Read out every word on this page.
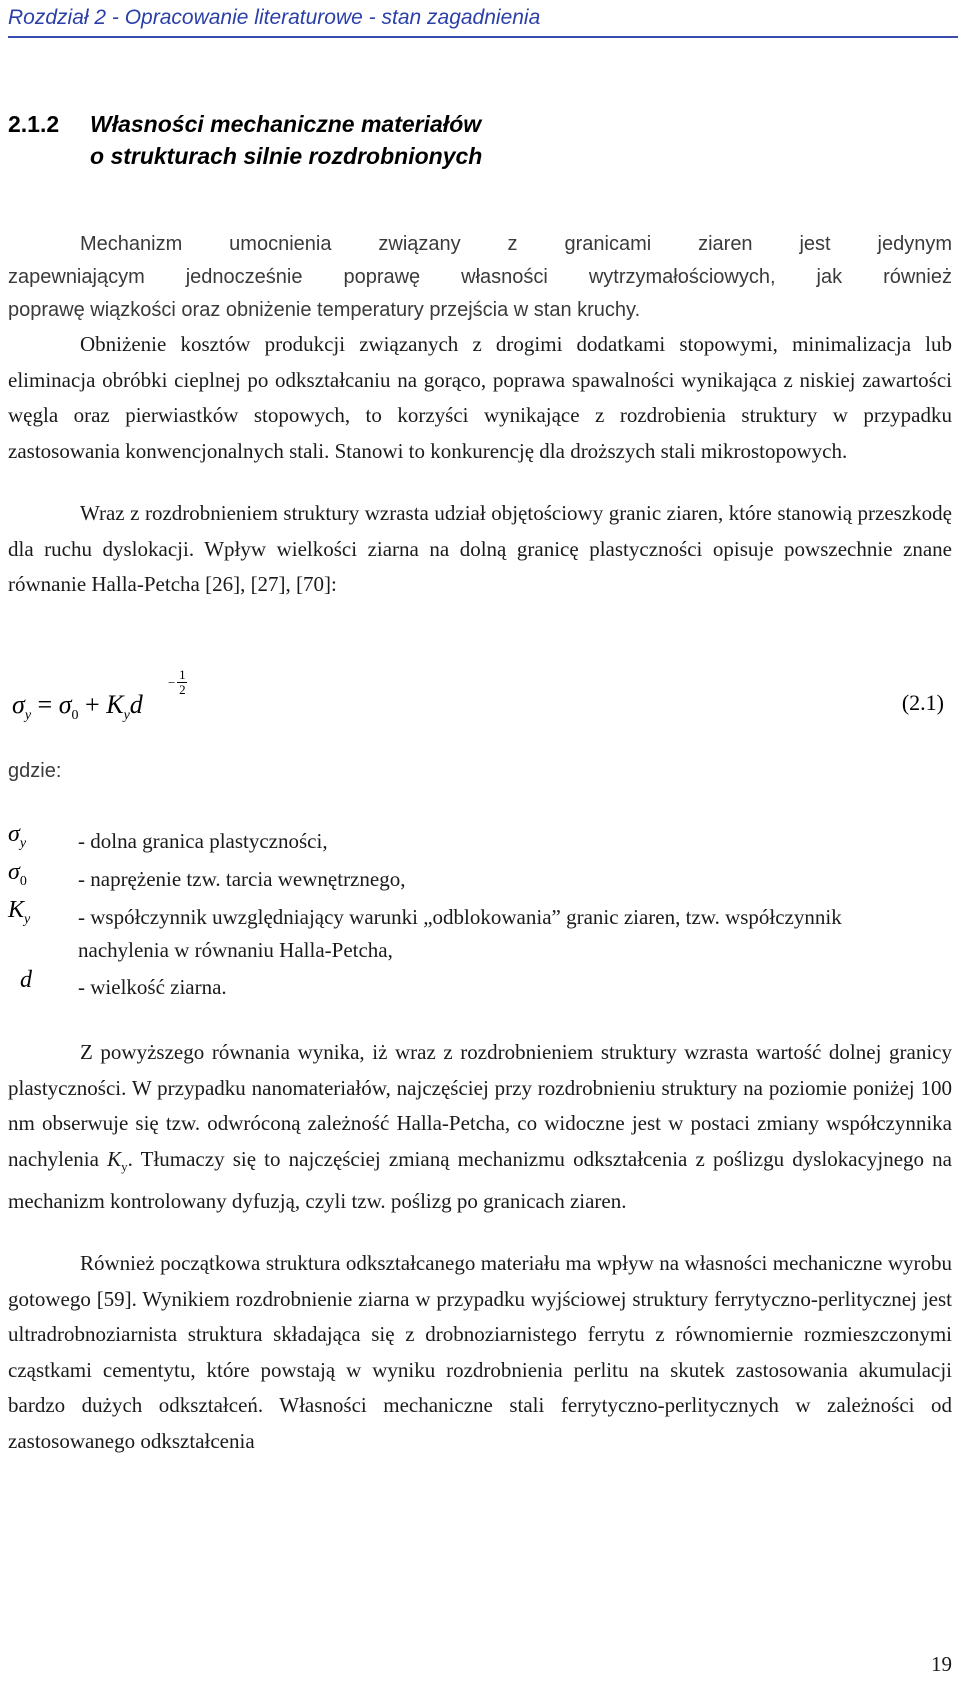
Rozdział 2 - Opracowanie literaturowe - stan zagadnienia
2.1.2 Własności mechaniczne materiałów
o strukturach silnie rozdrobnionych
Mechanizm umocnienia związany z granicami ziaren jest jedynym
zapewniającym jednocześnie poprawę własności wytrzymałościowych, jak również
poprawę wiązkości oraz obniżenie temperatury przejścia w stan kruchy.

Obniżenie kosztów produkcji związanych z drogimi dodatkami stopowymi, minimalizacja lub eliminacja obróbki cieplnej po odkształcaniu na gorąco, poprawa spawalności wynikająca z niskiej zawartości węgla oraz pierwiastków stopowych, to korzyści wynikające z rozdrobienia struktury w przypadku zastosowania konwencjonalnych stali. Stanowi to konkurencję dla droższych stali mikrostopowych.

Wraz z rozdrobnieniem struktury wzrasta udział objętościowy granic ziaren, które stanowią przeszkodę dla ruchu dyslokacji. Wpływ wielkości ziarna na dolną granicę plastyczności opisuje powszechnie znane równanie Halla-Petcha [26], [27], [70]:

$\sigma_y = \sigma_0 + K_yd$
− 1
2
(2.1)
gdzie:
$\sigma_y$	- dolna granica plastyczności,
$\sigma_0$	- naprężenie tzw. tarcia wewnętrznego,
$K_y$	- współczynnik uwzględniający warunki „odblokowania” granic ziaren, tzw. współczynnik nachylenia w równaniu Halla-Petcha,
d	- wielkość ziarna.

Z powyższego równania wynika, iż wraz z rozdrobnieniem struktury wzrasta wartość dolnej granicy plastyczności. W przypadku nanomateriałów, najczęściej przy rozdrobnieniu struktury na poziomie poniżej 100 nm obserwuje się tzw. odwróconą zależność Halla-Petcha, co widoczne jest w postaci zmiany współczynnika nachylenia $K_y$. Tłumaczy się to najczęściej zmianą mechanizmu odkształcenia z poślizgu dyslokacyjnego na mechanizm kontrolowany dyfuzją, czyli tzw. poślizg po granicach ziaren.

Również początkowa struktura odkształcanego materiału ma wpływ na własności mechaniczne wyrobu gotowego [59]. Wynikiem rozdrobnienie ziarna w przypadku wyjściowej struktury ferrytyczno-perlitycznej jest ultradrobnoziarnista struktura składająca się z drobnoziarnistego ferrytu z równomiernie rozmieszczonymi cząstkami cementytu, które powstają w wyniku rozdrobnienia perlitu na skutek zastosowania akumulacji bardzo dużych odkształceń. Własności mechaniczne stali ferrytyczno-perlitycznych w zależności od zastosowanego odkształcenia

19
